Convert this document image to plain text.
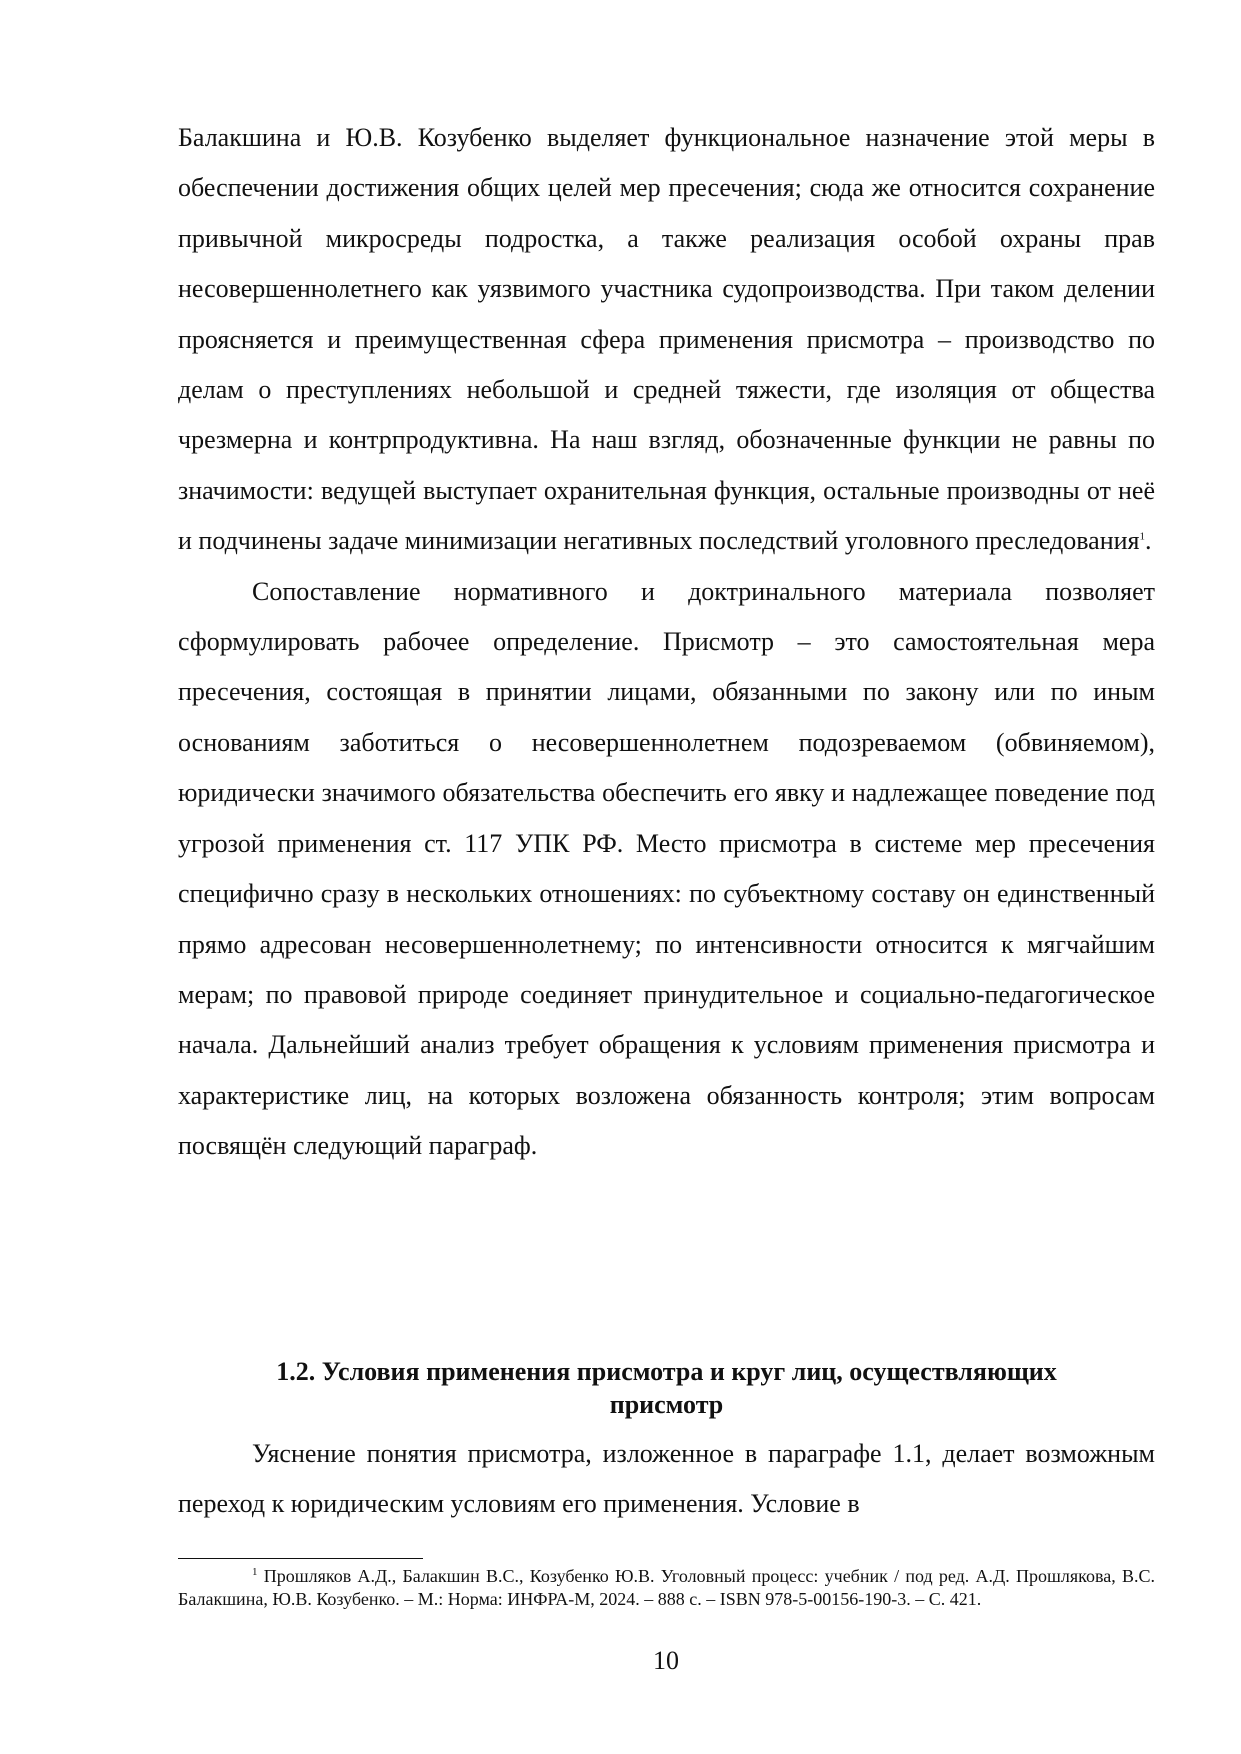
Балакшина и Ю.В. Козубенко выделяет функциональное назначение этой меры в обеспечении достижения общих целей мер пресечения; сюда же относится сохранение привычной микросреды подростка, а также реализация особой охраны прав несовершеннолетнего как уязвимого участника судопроизводства. При таком делении проясняется и преимущественная сфера применения присмотра – производство по делам о преступлениях небольшой и средней тяжести, где изоляция от общества чрезмерна и контрпродуктивна. На наш взгляд, обозначенные функции не равны по значимости: ведущей выступает охранительная функция, остальные производны от неё и подчинены задаче минимизации негативных последствий уголовного преследования$^1$.

Сопоставление нормативного и доктринального материала позволяет сформулировать рабочее определение. Присмотр – это самостоятельная мера пресечения, состоящая в принятии лицами, обязанными по закону или по иным основаниям заботиться о несовершеннолетнем подозреваемом (обвиняемом), юридически значимого обязательства обеспечить его явку и надлежащее поведение под угрозой применения ст. 117 УПК РФ. Место присмотра в системе мер пресечения специфично сразу в нескольких отношениях: по субъектному составу он единственный прямо адресован несовершеннолетнему; по интенсивности относится к мягчайшим мерам; по правовой природе соединяет принудительное и социально-педагогическое начала. Дальнейший анализ требует обращения к условиям применения присмотра и характеристике лиц, на которых возложена обязанность контроля; этим вопросам посвящён следующий параграф.

1.2. Условия применения присмотра и круг лиц, осуществляющих
присмотр

Уяснение понятия присмотра, изложенное в параграфе 1.1, делает возможным переход к юридическим условиям его применения. Условие в

$^1$ Прошляков А.Д., Балакшин В.С., Козубенко Ю.В. Уголовный процесс: учебник / под ред. А.Д. Прошлякова, В.С. Балакшина, Ю.В. Козубенко. – М.: Норма: ИНФРА-М, 2024. – 888 с. – ISBN 978-5-00156-190-3. – С. 421.
10
